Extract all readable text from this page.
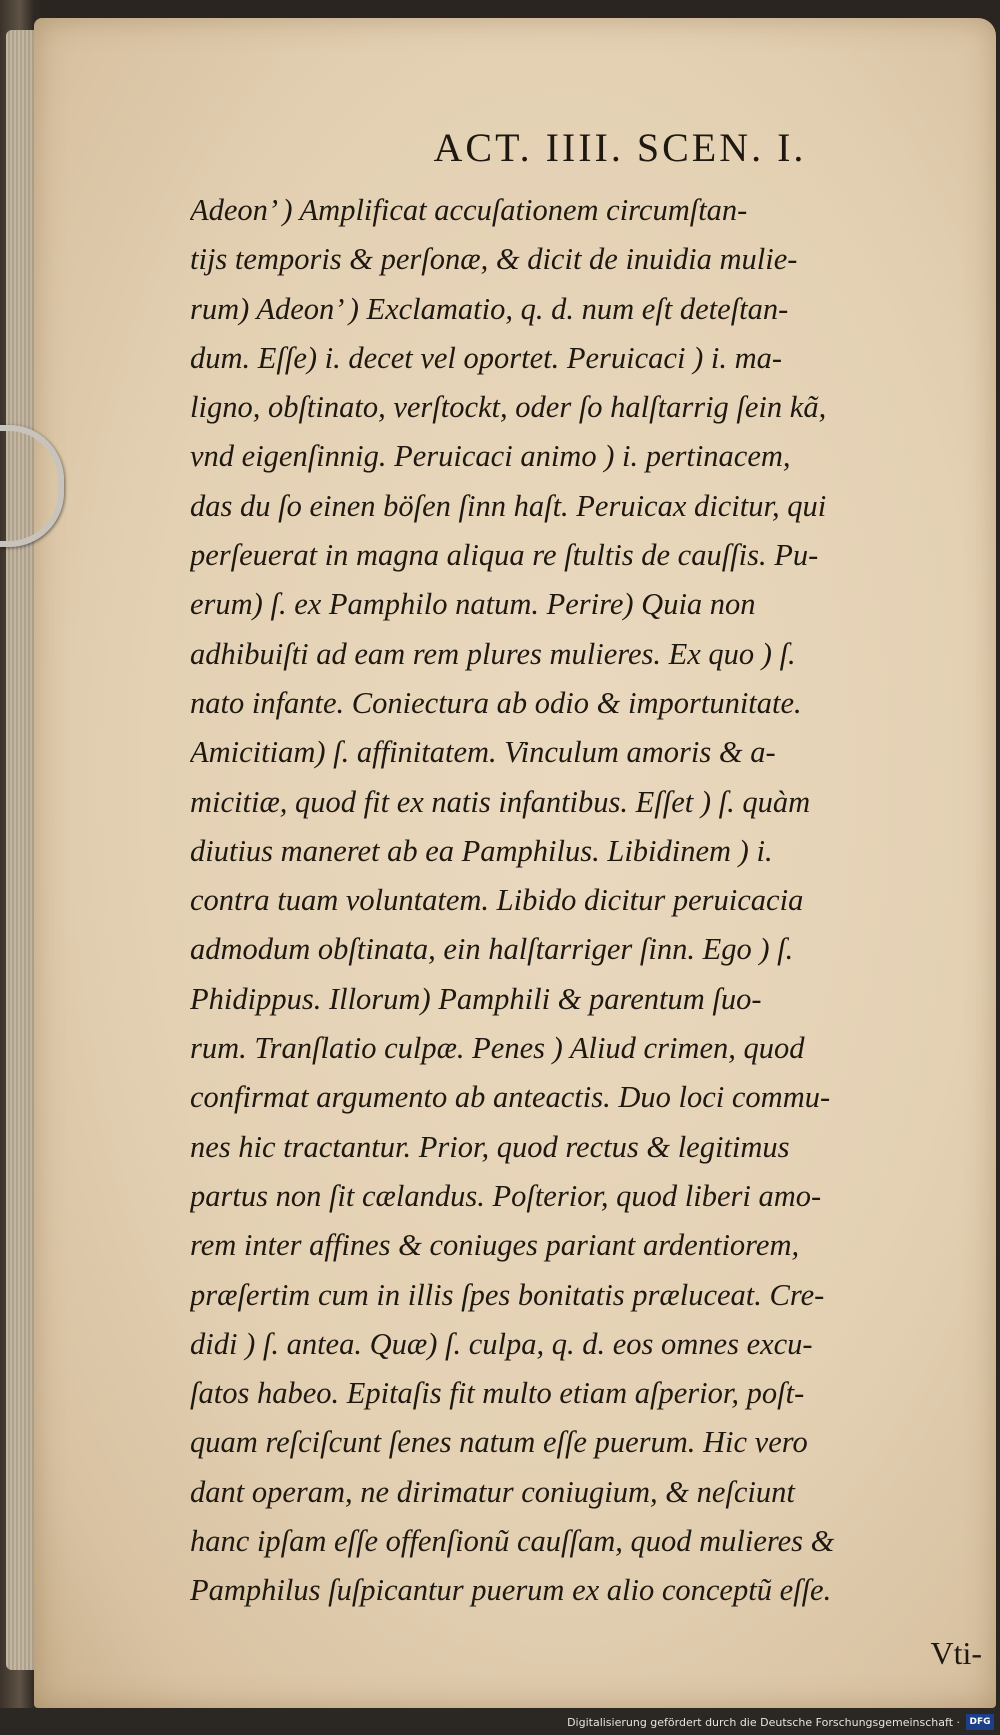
ACT. IIII. SCEN. I.
Adeon’ ) Amplificat accuſationem circumſtan-
tijs temporis & perſonæ, & dicit de inuidia mulie-
rum) Adeon’ ) Exclamatio, q. d. num eſt deteſtan-
dum. Eſſe) i. decet vel oportet. Peruicaci ) i. ma-
ligno, obſtinato, verſtockt, oder ſo halſtarrig ſein kã,
vnd eigenſinnig. Peruicaci animo ) i. pertinacem,
das du ſo einen böſen ſinn haſt. Peruicax dicitur, qui
perſeuerat in magna aliqua re ſtultis de cauſſis. Pu-
erum) ſ. ex Pamphilo natum. Perire) Quia non
adhibuiſti ad eam rem plures mulieres. Ex quo ) ſ.
nato infante. Coniectura ab odio & importunitate.
Amicitiam) ſ. affinitatem. Vinculum amoris & a-
micitiæ, quod fit ex natis infantibus. Eſſet ) ſ. quàm
diutius maneret ab ea Pamphilus. Libidinem ) i.
contra tuam voluntatem. Libido dicitur peruicacia
admodum obſtinata, ein halſtarriger ſinn. Ego ) ſ.
Phidippus. Illorum) Pamphili & parentum ſuo-
rum. Tranſlatio culpæ. Penes ) Aliud crimen, quod
confirmat argumento ab anteactis. Duo loci commu-
nes hic tractantur. Prior, quod rectus & legitimus
partus non ſit cælandus. Poſterior, quod liberi amo-
rem inter affines & coniuges pariant ardentiorem,
præſertim cum in illis ſpes bonitatis præluceat. Cre-
didi ) ſ. antea. Quæ) ſ. culpa, q. d. eos omnes excu-
ſatos habeo. Epitaſis fit multo etiam aſperior, poſt-
quam reſciſcunt ſenes natum eſſe puerum. Hic vero
dant operam, ne dirimatur coniugium, & neſciunt
hanc ipſam eſſe offenſionũ cauſſam, quod mulieres &
Pamphilus ſuſpicantur puerum ex alio conceptũ eſſe.
Vti-
Digitalisierung gefördert durch die Deutsche Forschungsgemeinschaft ·	DFG
